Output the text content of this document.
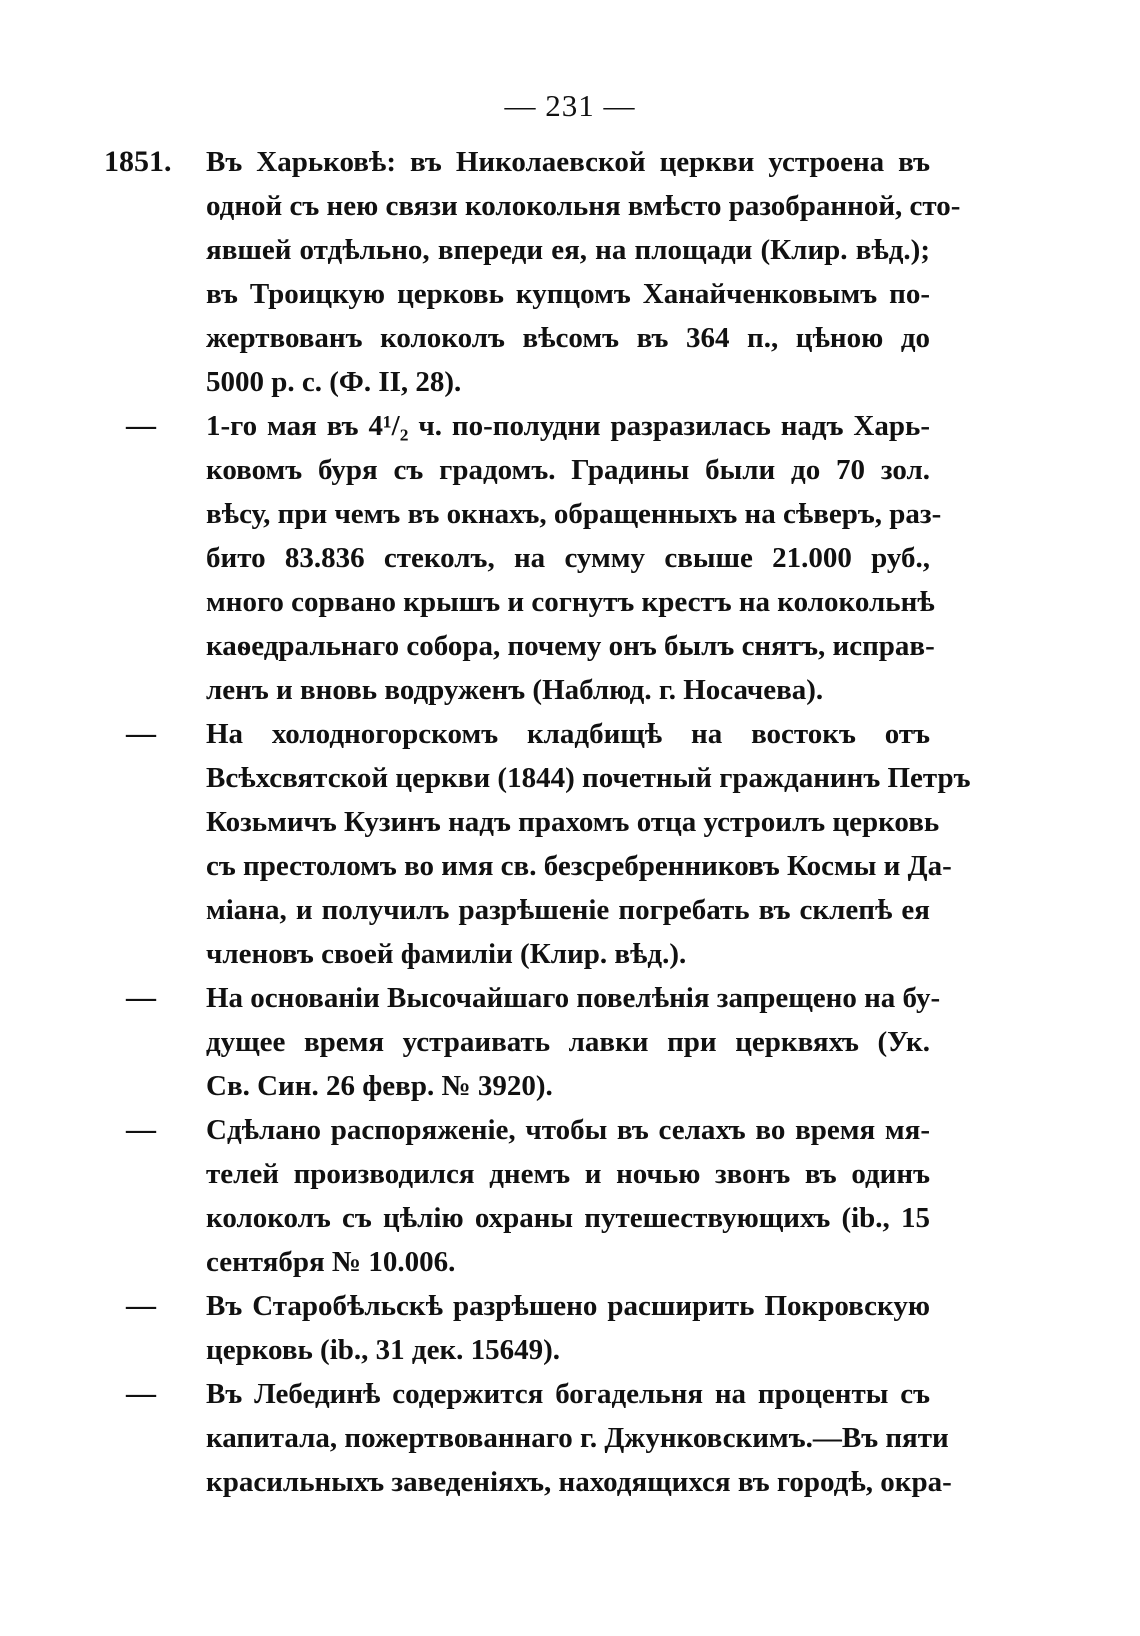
— 231 —
1851.	Въ Харьковѣ: въ Николаевской церкви устроена въ
одной съ нею связи колокольня вмѣсто разобранной, сто-
явшей отдѣльно, впереди ея, на площади (Клир. вѣд.);
въ Троицкую церковь купцомъ Ханайченковымъ по-
жертвованъ колоколъ вѣсомъ въ 364 п., цѣною до
5000 р. с. (Ф. II, 28).
—	1-го мая въ 4¹/₂ ч. по-полудни разразилась надъ Харь-
ковомъ буря съ градомъ. Градины были до 70 зол.
вѣсу, при чемъ въ окнахъ, обращенныхъ на сѣверъ, раз-
бито 83.836 стеколъ, на сумму свыше 21.000 руб.,
много сорвано крышъ и согнутъ крестъ на колокольнѣ
каѳедральнаго собора, почему онъ былъ снятъ, исправ-
ленъ и вновь водруженъ (Наблюд. г. Носачева).
—	На холодногорскомъ кладбищѣ на востокъ отъ
Всѣхсвятской церкви (1844) почетный гражданинъ Петръ
Козьмичъ Кузинъ надъ прахомъ отца устроилъ церковь
съ престоломъ во имя св. безсребренниковъ Космы и Да-
міана, и получилъ разрѣшеніе погребать въ склепѣ ея
членовъ своей фамиліи (Клир. вѣд.).
—	На основаніи Высочайшаго повелѣнія запрещено на бу-
дущее время устраивать лавки при церквяхъ (Ук.
Св. Син. 26 февр. № 3920).
—	Сдѣлано распоряженіе, чтобы въ селахъ во время мя-
телей производился днемъ и ночью звонъ въ одинъ
колоколъ съ цѣлію охраны путешествующихъ (ib., 15
сентября № 10.006.
—	Въ Старобѣльскѣ разрѣшено расширить Покровскую
церковь (ib., 31 дек. 15649).
—	Въ Лебединѣ содержится богадельня на проценты съ
капитала, пожертвованнаго г. Джунковскимъ.—Въ пяти
красильныхъ заведеніяхъ, находящихся въ городѣ, окра-
